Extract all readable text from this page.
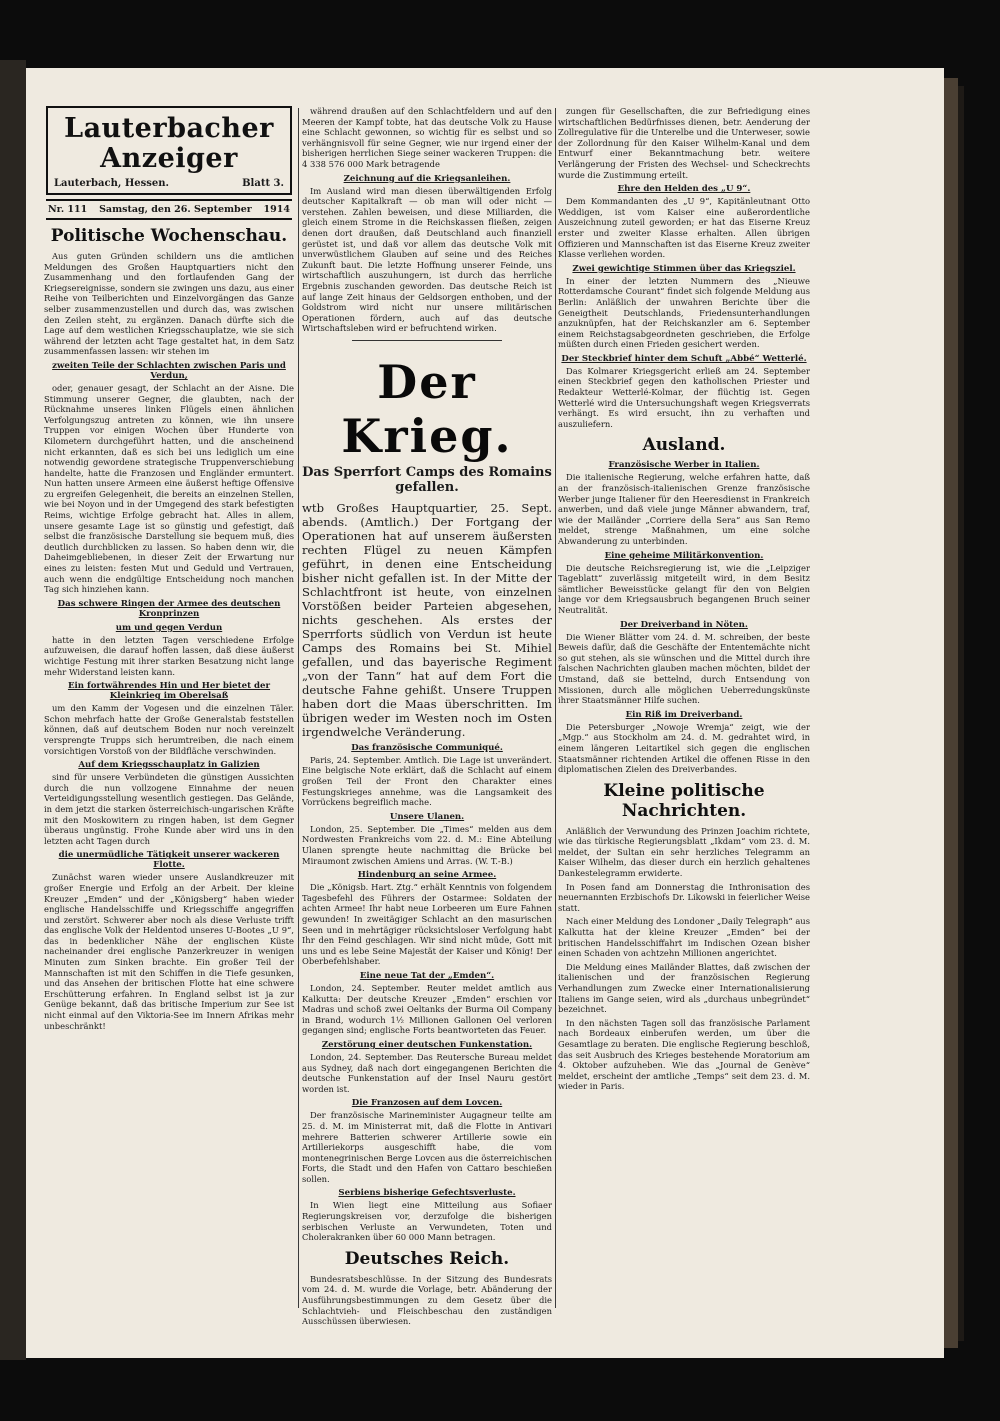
Lauterbacher Anzeiger
Lauterbach, Hessen.	Blatt 3.
Nr. 111 Samstag, den 26. September 1914
Politische Wochenschau.

Aus guten Gründen schildern uns die amtlichen Meldungen des Großen Hauptquartiers nicht den Zusammenhang und den fortlaufenden Gang der Kriegsereignisse, sondern sie zwingen uns dazu, aus einer Reihe von Teilberichten und Einzelvorgängen das Ganze selber zusammenzustellen und durch das, was zwischen den Zeilen steht, zu ergänzen. Danach dürfte sich die Lage auf dem westlichen Kriegsschauplatze, wie sie sich während der letzten acht Tage gestaltet hat, in dem Satz zusammenfassen lassen: wir stehen im

zweiten Teile der Schlachten zwischen Paris und Verdun,

oder, genauer gesagt, der Schlacht an der Aisne. Die Stimmung unserer Gegner, die glaubten, nach der Rücknahme unseres linken Flügels einen ähnlichen Verfolgungszug antreten zu können, wie ihn unsere Truppen vor einigen Wochen über Hunderte von Kilometern durchgeführt hatten, und die anscheinend nicht erkannten, daß es sich bei uns lediglich um eine notwendig gewordene strategische Truppenverschiebung handelte, hatte die Franzosen und Engländer ermuntert. Nun hatten unsere Armeen eine äußerst heftige Offensive zu ergreifen Gelegenheit, die bereits an einzelnen Stellen, wie bei Noyon und in der Umgegend des stark befestigten Reims, wichtige Erfolge gebracht hat. Alles in allem, unsere gesamte Lage ist so günstig und gefestigt, daß selbst die französische Darstellung sie bequem muß, dies deutlich durchblicken zu lassen. So haben denn wir, die Daheimgebliebenen, in dieser Zeit der Erwartung nur eines zu leisten: festen Mut und Geduld und Vertrauen, auch wenn die endgültige Entscheidung noch manchen Tag sich hinziehen kann.

Das schwere Ringen der Armee des deutschen Kronprinzen
um und gegen Verdun

hatte in den letzten Tagen verschiedene Erfolge aufzuweisen, die darauf hoffen lassen, daß diese äußerst wichtige Festung mit ihrer starken Besatzung nicht lange mehr Widerstand leisten kann.

Ein fortwährendes Hin und Her bietet der Kleinkrieg im Oberelsaß

um den Kamm der Vogesen und die einzelnen Täler. Schon mehrfach hatte der Große Generalstab feststellen können, daß auf deutschem Boden nur noch vereinzelt versprengte Trupps sich herumtreiben, die nach einem vorsichtigen Vorstoß von der Bildfläche verschwinden.

Auf dem Kriegsschauplatz in Galizien

sind für unsere Verbündeten die günstigen Aussichten durch die nun vollzogene Einnahme der neuen Verteidigungsstellung wesentlich gestiegen. Das Gelände, in dem jetzt die starken österreichisch-ungarischen Kräfte mit den Moskowitern zu ringen haben, ist dem Gegner überaus ungünstig. Frohe Kunde aber wird uns in den letzten acht Tagen durch

die unermüdliche Tätigkeit unserer wackeren Flotte.

Zunächst waren wieder unsere Auslandkreuzer mit großer Energie und Erfolg an der Arbeit. Der kleine Kreuzer „Emden“ und der „Königsberg“ haben wieder englische Handelsschiffe und Kriegsschiffe angegriffen und zerstört. Schwerer aber noch als diese Verluste trifft das englische Volk der Heldentod unseres U-Bootes „U 9“, das in bedenklicher Nähe der englischen Küste nacheinander drei englische Panzerkreuzer in wenigen Minuten zum Sinken brachte. Ein großer Teil der Mannschaften ist mit den Schiffen in die Tiefe gesunken, und das Ansehen der britischen Flotte hat eine schwere Erschütterung erfahren. In England selbst ist ja zur Genüge bekannt, daß das britische Imperium zur See ist nicht einmal auf den Viktoria-See im Innern Afrikas mehr unbeschränkt!

während draußen auf den Schlachtfeldern und auf den Meeren der Kampf tobte, hat das deutsche Volk zu Hause eine Schlacht gewonnen, so wichtig für es selbst und so verhängnisvoll für seine Gegner, wie nur irgend einer der bisherigen herrlichen Siege seiner wackeren Truppen: die 4 338 576 000 Mark betragende

Zeichnung auf die Kriegsanleihen.

Im Ausland wird man diesen überwältigenden Erfolg deutscher Kapitalkraft — ob man will oder nicht — verstehen. Zahlen beweisen, und diese Milliarden, die gleich einem Strome in die Reichskassen fließen, zeigen denen dort draußen, daß Deutschland auch finanziell gerüstet ist, und daß vor allem das deutsche Volk mit unverwüstlichem Glauben auf seine und des Reiches Zukunft baut. Die letzte Hoffnung unserer Feinde, uns wirtschaftlich auszuhungern, ist durch das herrliche Ergebnis zuschanden geworden. Das deutsche Reich ist auf lange Zeit hinaus der Geldsorgen enthoben, und der Goldstrom wird nicht nur unsere militärischen Operationen fördern, auch auf das deutsche Wirtschaftsleben wird er befruchtend wirken.

Der Krieg.
Das Sperrfort Camps des Romains gefallen.

wtb Großes Hauptquartier, 25. Sept. abends. (Amtlich.) Der Fortgang der Operationen hat auf unserem äußersten rechten Flügel zu neuen Kämpfen geführt, in denen eine Entscheidung bisher nicht gefallen ist. In der Mitte der Schlachtfront ist heute, von einzelnen Vorstößen beider Parteien abgesehen, nichts geschehen. Als erstes der Sperrforts südlich von Verdun ist heute Camps des Romains bei St. Mihiel gefallen, und das bayerische Regiment „von der Tann“ hat auf dem Fort die deutsche Fahne gehißt. Unsere Truppen haben dort die Maas überschritten. Im übrigen weder im Westen noch im Osten irgendwelche Veränderung.

Das französische Communiqué.

Paris, 24. September. Amtlich. Die Lage ist unverändert. Eine belgische Note erklärt, daß die Schlacht auf einem großen Teil der Front den Charakter eines Festungskrieges annehme, was die Langsamkeit des Vorrückens begreiflich mache.

Unsere Ulanen.

London, 25. September. Die „Times“ melden aus dem Nordwesten Frankreichs vom 22. d. M.: Eine Abteilung Ulanen sprengte heute nachmittag die Brücke bei Miraumont zwischen Amiens und Arras. (W. T.-B.)

Hindenburg an seine Armee.

Die „Königsb. Hart. Ztg.“ erhält Kenntnis von folgendem Tagesbefehl des Führers der Ostarmee: Soldaten der achten Armee! Ihr habt neue Lorbeeren um Eure Fahnen gewunden! In zweitägiger Schlacht an den masurischen Seen und in mehrtägiger rücksichtsloser Verfolgung habt Ihr den Feind geschlagen. Wir sind nicht müde, Gott mit uns und es lebe Seine Majestät der Kaiser und König! Der Oberbefehlshaber.

Eine neue Tat der „Emden“.

London, 24. September. Reuter meldet amtlich aus Kalkutta: Der deutsche Kreuzer „Emden“ erschien vor Madras und schoß zwei Oeltanks der Burma Oil Company in Brand, wodurch 1½ Millionen Gallonen Oel verloren gegangen sind; englische Forts beantworteten das Feuer.

Zerstörung einer deutschen Funkenstation.

London, 24. September. Das Reutersche Bureau meldet aus Sydney, daß nach dort eingegangenen Berichten die deutsche Funkenstation auf der Insel Nauru gestört worden ist.

Die Franzosen auf dem Lovcen.

Der französische Marineminister Augagneur teilte am 25. d. M. im Ministerrat mit, daß die Flotte in Antivari mehrere Batterien schwerer Artillerie sowie ein Artilleriekorps ausgeschifft habe, die vom montenegrinischen Berge Lovcen aus die österreichischen Forts, die Stadt und den Hafen von Cattaro beschießen sollen.

Serbiens bisherige Gefechtsverluste.

In Wien liegt eine Mitteilung aus Sofiaer Regierungskreisen vor, derzufolge die bisherigen serbischen Verluste an Verwundeten, Toten und Cholerakranken über 60 000 Mann betragen.

Deutsches Reich.

Bundesratsbeschlüsse. In der Sitzung des Bundesrats vom 24. d. M. wurde die Vorlage, betr. Abänderung der Ausführungsbestimmungen zu dem Gesetz über die Schlachtvieh- und Fleischbeschau den zuständigen Ausschüssen überwiesen.

zungen für Gesellschaften, die zur Befriedigung eines wirtschaftlichen Bedürfnisses dienen, betr. Aenderung der Zollregulative für die Unterelbe und die Unterweser, sowie der Zollordnung für den Kaiser Wilhelm-Kanal und dem Entwurf einer Bekanntmachung betr. weitere Verlängerung der Fristen des Wechsel- und Scheckrechts wurde die Zustimmung erteilt.

Ehre den Helden des „U 9“.

Dem Kommandanten des „U 9“, Kapitänleutnant Otto Weddigen, ist vom Kaiser eine außerordentliche Auszeichnung zuteil geworden; er hat das Eiserne Kreuz erster und zweiter Klasse erhalten. Allen übrigen Offizieren und Mannschaften ist das Eiserne Kreuz zweiter Klasse verliehen worden.

Zwei gewichtige Stimmen über das Kriegsziel.

In einer der letzten Nummern des „Nieuwe Rotterdamsche Courant“ findet sich folgende Meldung aus Berlin: Anläßlich der unwahren Berichte über die Geneigtheit Deutschlands, Friedensunterhandlungen anzuknüpfen, hat der Reichskanzler am 6. September einem Reichstagsabgeordneten geschrieben, die Erfolge müßten durch einen Frieden gesichert werden.

Der Steckbrief hinter dem Schuft „Abbé“ Wetterlé.

Das Kolmarer Kriegsgericht erließ am 24. September einen Steckbrief gegen den katholischen Priester und Redakteur Wetterlé-Kolmar, der flüchtig ist. Gegen Wetterlé wird die Untersuchungshaft wegen Kriegsverrats verhängt. Es wird ersucht, ihn zu verhaften und auszuliefern.

Ausland.
Französische Werber in Italien.

Die italienische Regierung, welche erfahren hatte, daß an der französisch-italienischen Grenze französische Werber junge Italiener für den Heeresdienst in Frankreich anwerben, und daß viele junge Männer abwandern, traf, wie der Mailänder „Corriere della Sera“ aus San Remo meldet, strenge Maßnahmen, um eine solche Abwanderung zu unterbinden.

Eine geheime Militärkonvention.

Die deutsche Reichsregierung ist, wie die „Leipziger Tageblatt“ zuverlässig mitgeteilt wird, in dem Besitz sämtlicher Beweisstücke gelangt für den von Belgien lange vor dem Kriegsausbruch begangenen Bruch seiner Neutralität.

Der Dreiverband in Nöten.

Die Wiener Blätter vom 24. d. M. schreiben, der beste Beweis dafür, daß die Geschäfte der Ententemächte nicht so gut stehen, als sie wünschen und die Mittel durch ihre falschen Nachrichten glauben machen möchten, bildet der Umstand, daß sie bettelnd, durch Entsendung von Missionen, durch alle möglichen Ueberredungskünste ihrer Staatsmänner Hilfe suchen.

Ein Riß im Dreiverband.

Die Petersburger „Nowoje Wremja“ zeigt, wie der „Mgp.“ aus Stockholm am 24. d. M. gedrahtet wird, in einem längeren Leitartikel sich gegen die englischen Staatsmänner richtenden Artikel die offenen Risse in den diplomatischen Zielen des Dreiverbandes.

Kleine politische Nachrichten.

Anläßlich der Verwundung des Prinzen Joachim richtete, wie das türkische Regierungsblatt „Ikdam“ vom 23. d. M. meldet, der Sultan ein sehr herzliches Telegramm an Kaiser Wilhelm, das dieser durch ein herzlich gehaltenes Dankestelegramm erwiderte.

In Posen fand am Donnerstag die Inthronisation des neuernannten Erzbischofs Dr. Likowski in feierlicher Weise statt.

Nach einer Meldung des Londoner „Daily Telegraph“ aus Kalkutta hat der kleine Kreuzer „Emden“ bei der britischen Handelsschiffahrt im Indischen Ozean bisher einen Schaden von achtzehn Millionen angerichtet.

Die Meldung eines Mailänder Blattes, daß zwischen der italienischen und der französischen Regierung Verhandlungen zum Zwecke einer Internationalisierung Italiens im Gange seien, wird als „durchaus unbegründet“ bezeichnet.

In den nächsten Tagen soll das französische Parlament nach Bordeaux einberufen werden, um über die Gesamtlage zu beraten. Die englische Regierung beschloß, das seit Ausbruch des Krieges bestehende Moratorium am 4. Oktober aufzuheben. Wie das „Journal de Genève“ meldet, erscheint der amtliche „Temps“ seit dem 23. d. M. wieder in Paris.
